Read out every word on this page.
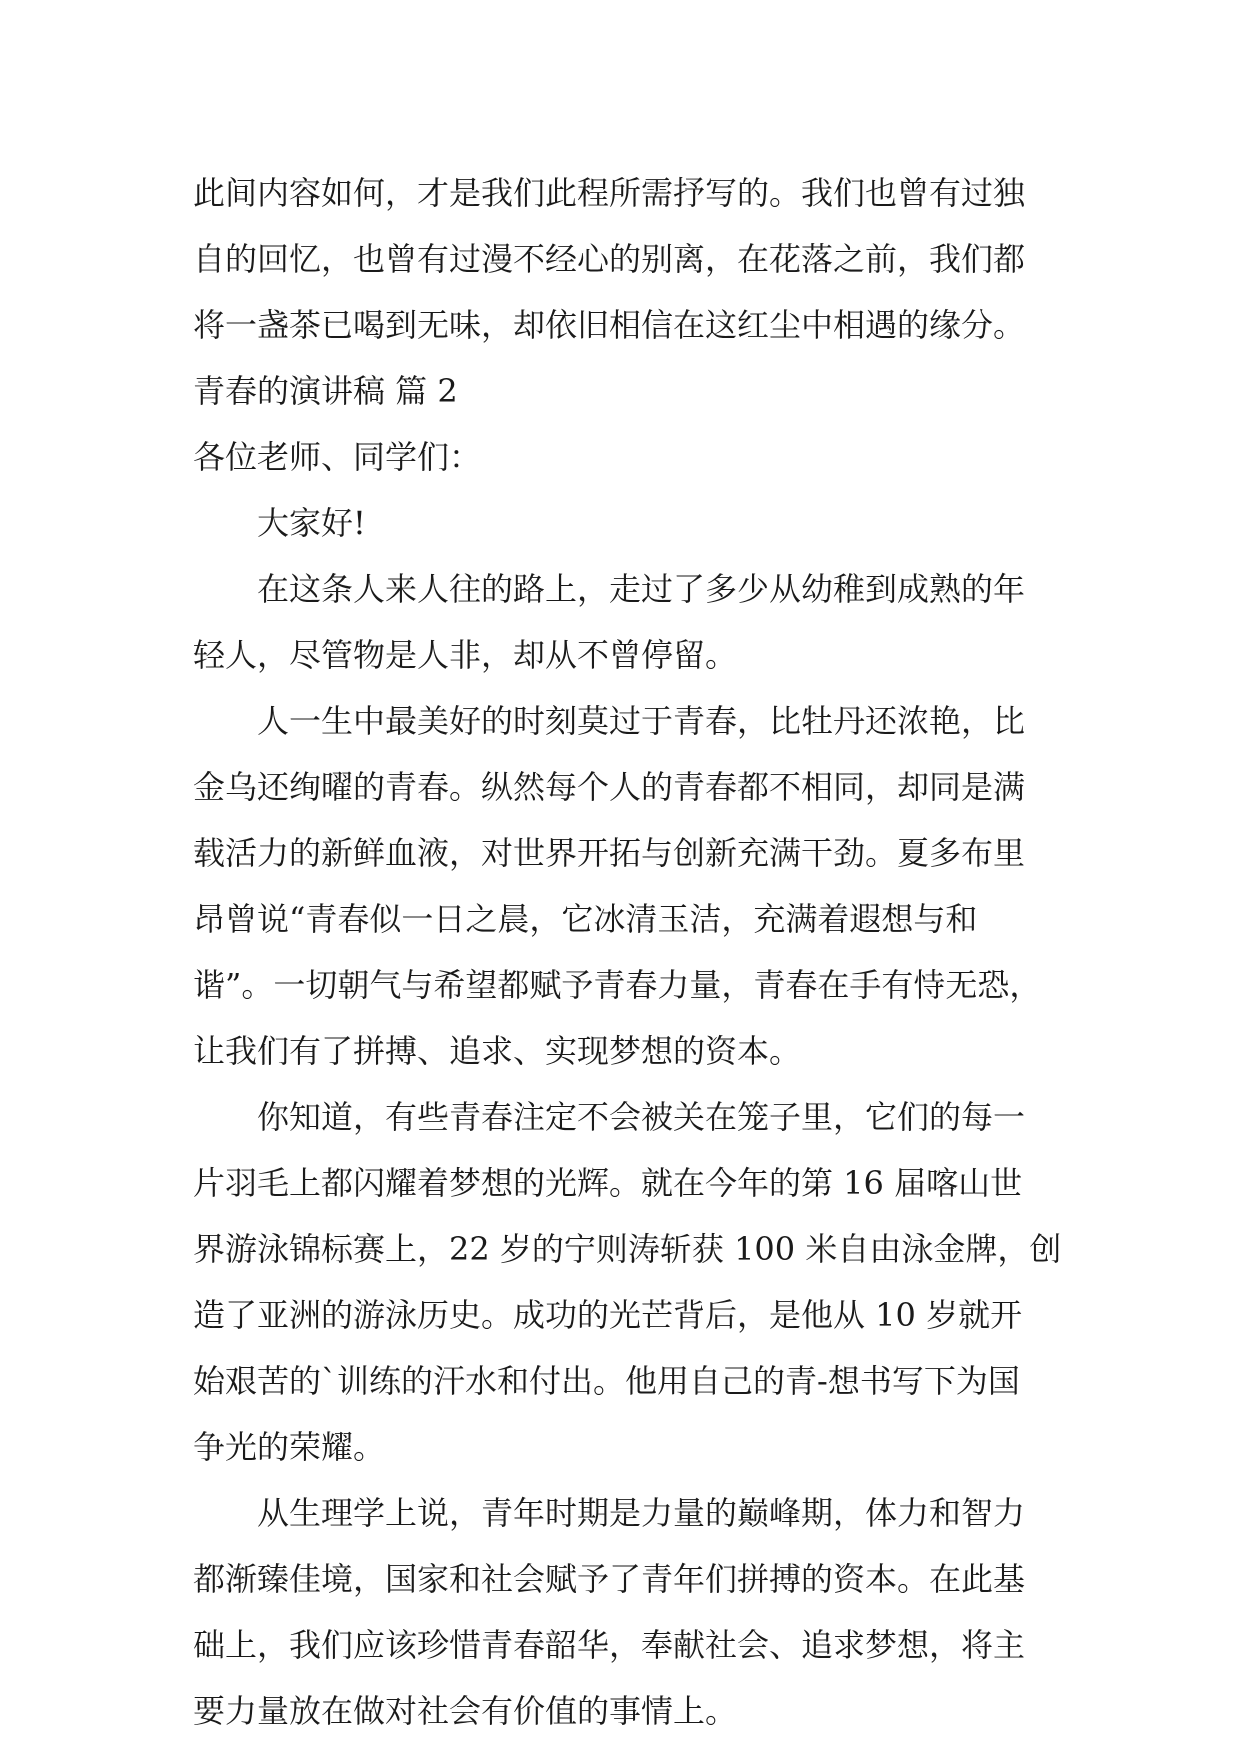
此间内容如何，才是我们此程所需抒写的。我们也曾有过独
自的回忆，也曾有过漫不经心的别离，在花落之前，我们都
将一盏茶已喝到无味，却依旧相信在这红尘中相遇的缘分。
青春的演讲稿 篇 2
各位老师、同学们：
大家好!
在这条人来人往的路上，走过了多少从幼稚到成熟的年
轻人，尽管物是人非，却从不曾停留。
人一生中最美好的时刻莫过于青春，比牡丹还浓艳，比
金乌还绚曜的青春。纵然每个人的青春都不相同，却同是满
载活力的新鲜血液，对世界开拓与创新充满干劲。夏多布里
昂曾说“青春似一日之晨，它冰清玉洁，充满着遐想与和
谐”。一切朝气与希望都赋予青春力量，青春在手有恃无恐，
让我们有了拼搏、追求、实现梦想的资本。
你知道，有些青春注定不会被关在笼子里，它们的每一
片羽毛上都闪耀着梦想的光辉。就在今年的第 16 届喀山世
界游泳锦标赛上，22 岁的宁则涛斩获 100 米自由泳金牌，创
造了亚洲的游泳历史。成功的光芒背后，是他从 10 岁就开
始艰苦的`训练的汗水和付出。他用自己的青-想书写下为国
争光的荣耀。
从生理学上说，青年时期是力量的巅峰期，体力和智力
都渐臻佳境，国家和社会赋予了青年们拼搏的资本。在此基
础上，我们应该珍惜青春韶华，奉献社会、追求梦想，将主
要力量放在做对社会有价值的事情上。
